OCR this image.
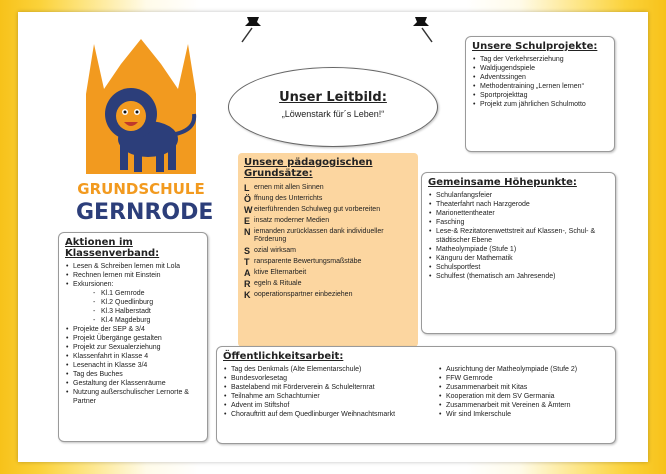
GRUNDSCHULE
GERNRODE
Unser Leitbild:
„Löwenstark für´s Leben!“
Unsere Schulprojekte:
• Tag der Verkehrserziehung
• Waldjugendspiele
• Adventssingen
• Methodentraining „Lernen lernen“
• Sportprojekttag
• Projekt zum jährlichen Schulmotto
Unsere pädagogischen Grundsätze:
L ernen mit allen Sinnen
Ö ffnung des Unterrichts
W eiterführenden Schulweg gut vorbereiten
E insatz moderner Medien
N iemanden zurücklassen dank individueller Förderung
S ozial wirksam
T ransparente Bewertungsmaßstäbe
A ktive Elternarbeit
R egeln & Rituale
K ooperationspartner einbeziehen
Gemeinsame Höhepunkte:
• Schulanfangsfeier
• Theaterfahrt nach Harzgerode
• Marionettentheater
• Fasching
• Lese-& Rezitatorenwettstreit auf Klassen-, Schul- & städtischer Ebene
• Matheolympiade (Stufe 1)
• Känguru der Mathematik
• Schulsportfest
• Schulfest (thematisch am Jahresende)
Aktionen im Klassenverband:
• Lesen & Schreiben lernen mit Lola
• Rechnen lernen mit Einstein
• Exkursionen:
- Kl.1 Gernrode
- Kl.2 Quedlinburg
- Kl.3 Halberstadt
- Kl.4 Magdeburg
• Projekte der SEP & 3/4
• Projekt Übergänge gestalten
• Projekt zur Sexualerziehung
• Klassenfahrt in Klasse 4
• Lesenacht in Klasse 3/4
• Tag des Buches
• Gestaltung der Klassenräume
• Nutzung außerschulischer Lernorte & Partner
Öffentlichkeitsarbeit:
• Tag des Denkmals (Alte Elementarschule)
• Bundesvorlesetag
• Bastelabend mit Förderverein & Schulelternrat
• Teilnahme am Schachturnier
• Advent im Stiftshof
• Chorauftritt auf dem Quedlinburger Weihnachtsmarkt
• Ausrichtung der Matheolympiade (Stufe 2)
• FFW Gernrode
• Zusammenarbeit mit Kitas
• Kooperation mit dem SV Germania
• Zusammenarbeit mit Vereinen & Ämtern
• Wir sind Imkerschule
